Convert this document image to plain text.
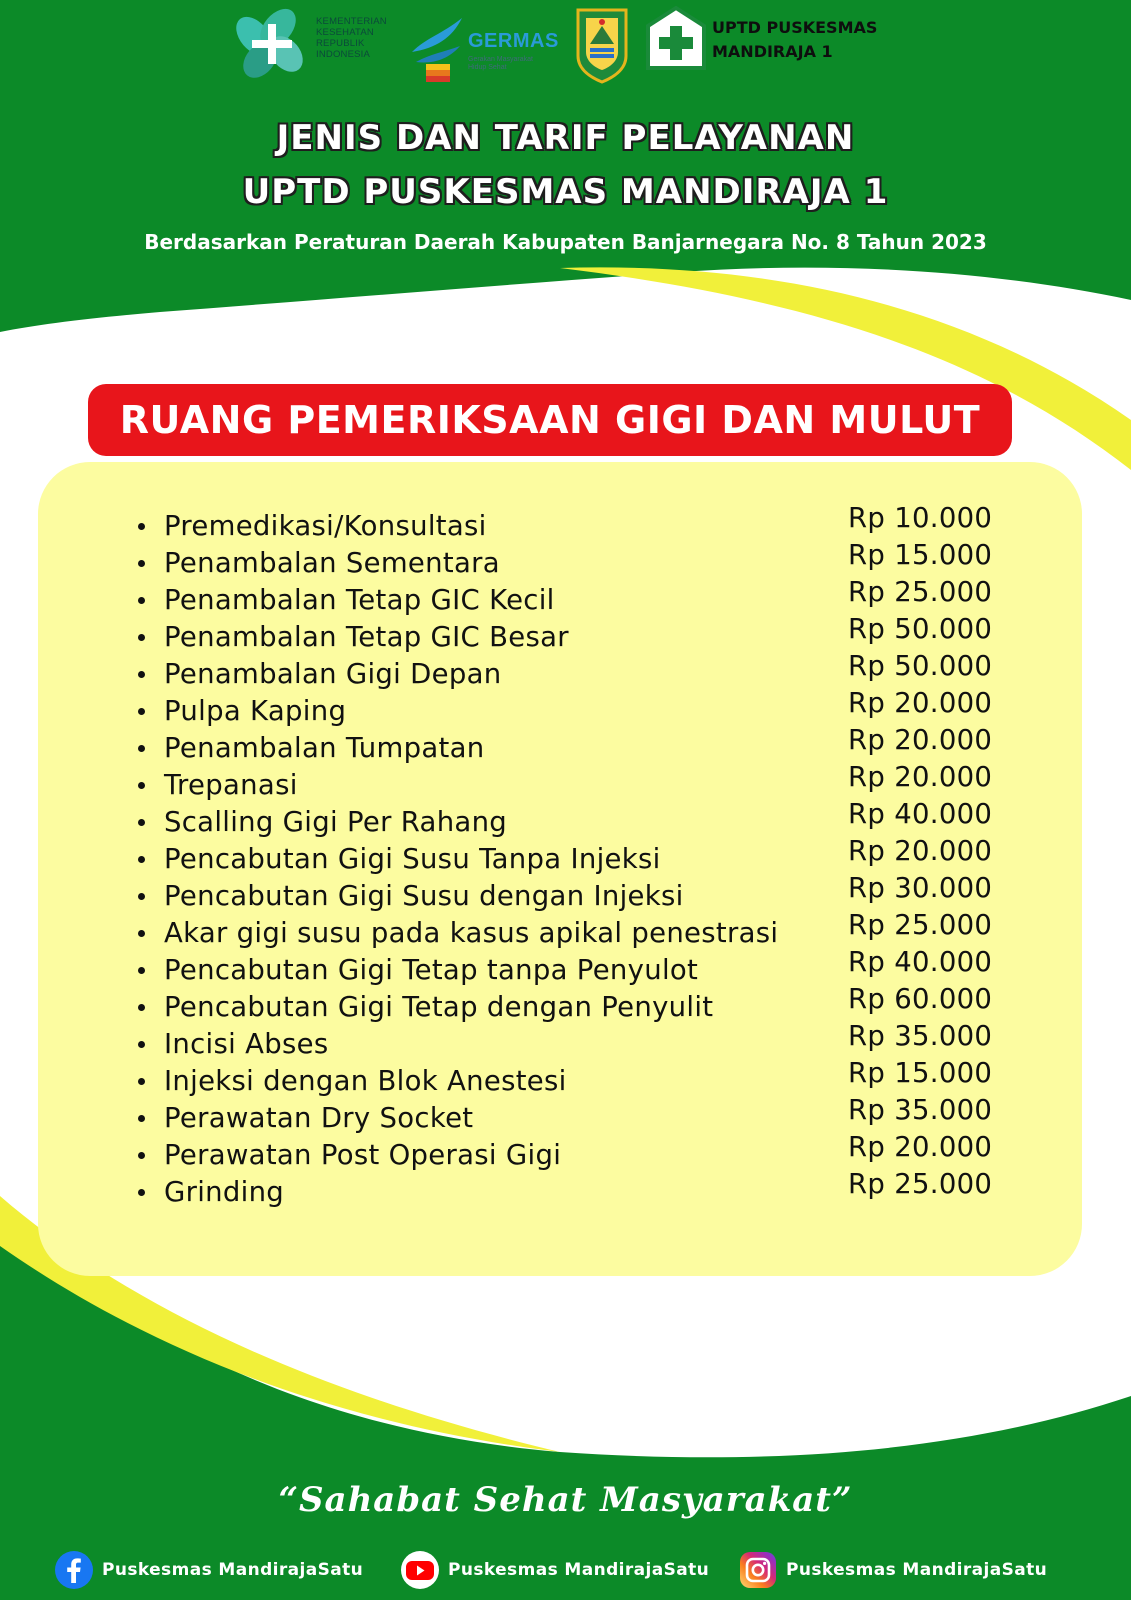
KEMENTERIAN
KESEHATAN
REPUBLIK
INDONESIA
GERMAS
Gerakan Masyarakat
Hidup Sehat
UPTD PUSKESMAS
MANDIRAJA 1
JENIS DAN TARIF PELAYANAN
UPTD PUSKESMAS MANDIRAJA 1
Berdasarkan Peraturan Daerah Kabupaten Banjarnegara No. 8 Tahun 2023
RUANG PEMERIKSAAN GIGI DAN MULUT
Premedikasi/Konsultasi	Rp 10.000
Penambalan Sementara	Rp 15.000
Penambalan Tetap GIC Kecil	Rp 25.000
Penambalan Tetap GIC Besar	Rp 50.000
Penambalan Gigi Depan	Rp 50.000
Pulpa Kaping	Rp 20.000
Penambalan Tumpatan	Rp 20.000
Trepanasi	Rp 20.000
Scalling Gigi Per Rahang	Rp 40.000
Pencabutan Gigi Susu Tanpa Injeksi	Rp 20.000
Pencabutan Gigi Susu dengan Injeksi	Rp 30.000
Akar gigi susu pada kasus apikal penestrasi	Rp 25.000
Pencabutan Gigi Tetap tanpa Penyulot	Rp 40.000
Pencabutan Gigi Tetap dengan Penyulit	Rp 60.000
Incisi Abses	Rp 35.000
Injeksi dengan Blok Anestesi	Rp 15.000
Perawatan Dry Socket	Rp 35.000
Perawatan Post Operasi Gigi	Rp 20.000
Grinding	Rp 25.000
“Sahabat Sehat Masyarakat”
Puskesmas MandirajaSatu	Puskesmas MandirajaSatu	Puskesmas MandirajaSatu
